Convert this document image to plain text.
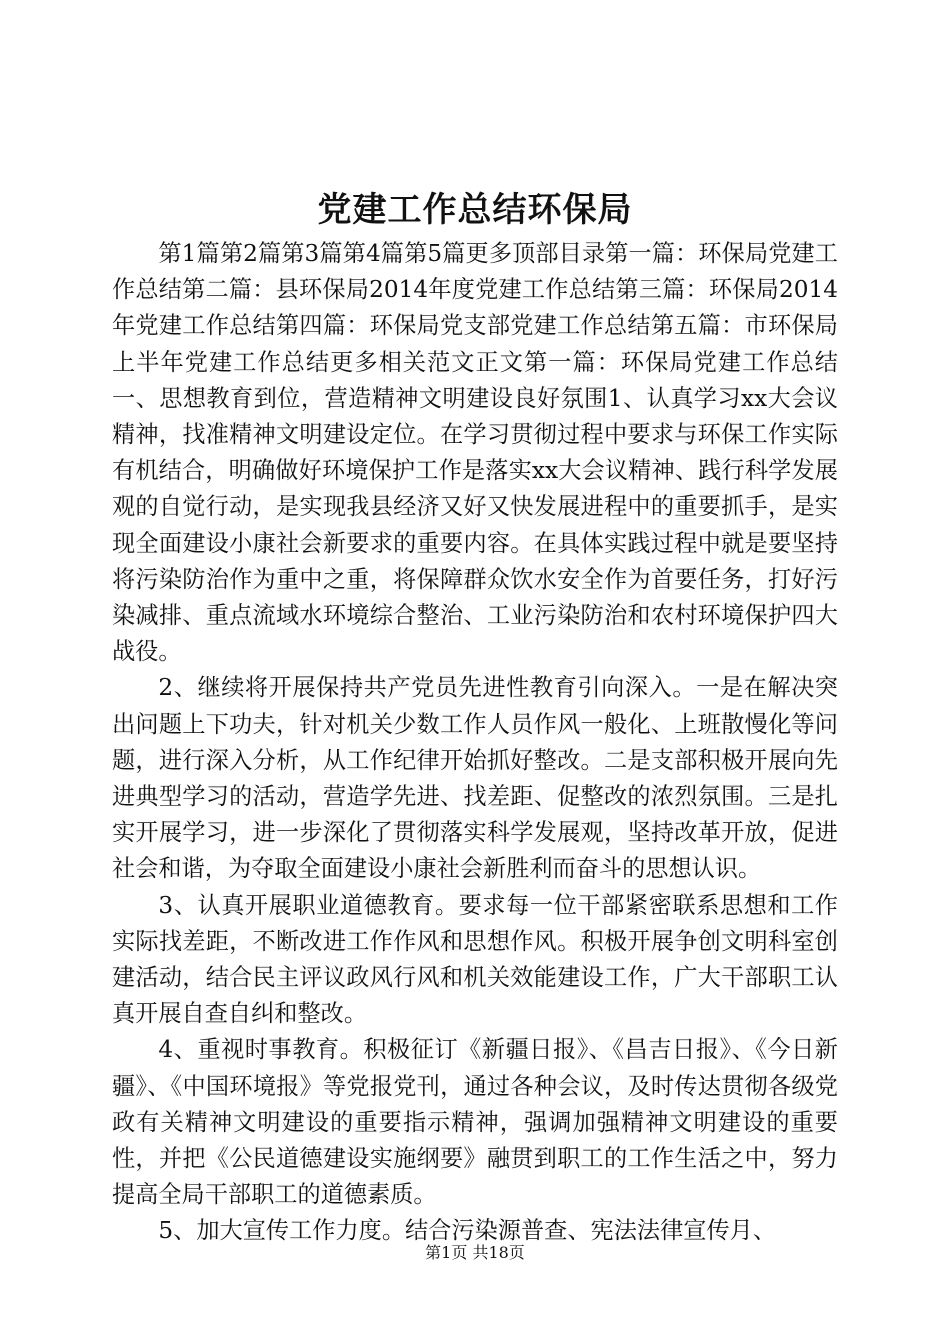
党建工作总结环保局

第1篇第2篇第3篇第4篇第5篇更多顶部目录第一篇：环保局党建工作总结第二篇：县环保局2014年度党建工作总结第三篇：环保局2014年党建工作总结第四篇：环保局党支部党建工作总结第五篇：市环保局上半年党建工作总结更多相关范文正文第一篇：环保局党建工作总结一、思想教育到位，营造精神文明建设良好氛围1、认真学习xx大会议精神，找准精神文明建设定位。在学习贯彻过程中要求与环保工作实际有机结合，明确做好环境保护工作是落实xx大会议精神、践行科学发展观的自觉行动，是实现我县经济又好又快发展进程中的重要抓手，是实现全面建设小康社会新要求的重要内容。在具体实践过程中就是要坚持将污染防治作为重中之重，将保障群众饮水安全作为首要任务，打好污染减排、重点流域水环境综合整治、工业污染防治和农村环境保护四大战役。

2、继续将开展保持共产党员先进性教育引向深入。一是在解决突出问题上下功夫，针对机关少数工作人员作风一般化、上班散慢化等问题，进行深入分析，从工作纪律开始抓好整改。二是支部积极开展向先进典型学习的活动，营造学先进、找差距、促整改的浓烈氛围。三是扎实开展学习，进一步深化了贯彻落实科学发展观，坚持改革开放，促进社会和谐，为夺取全面建设小康社会新胜利而奋斗的思想认识。

3、认真开展职业道德教育。要求每一位干部紧密联系思想和工作实际找差距，不断改进工作作风和思想作风。积极开展争创文明科室创建活动，结合民主评议政风行风和机关效能建设工作，广大干部职工认真开展自查自纠和整改。

4、重视时事教育。积极征订《新疆日报》、《昌吉日报》、《今日新疆》、《中国环境报》等党报党刊，通过各种会议，及时传达贯彻各级党政有关精神文明建设的重要指示精神，强调加强精神文明建设的重要性，并把《公民道德建设实施纲要》融贯到职工的工作生活之中，努力提高全局干部职工的道德素质。

5、加大宣传工作力度。结合污染源普查、宪法法律宣传月、

第1页 共18页
